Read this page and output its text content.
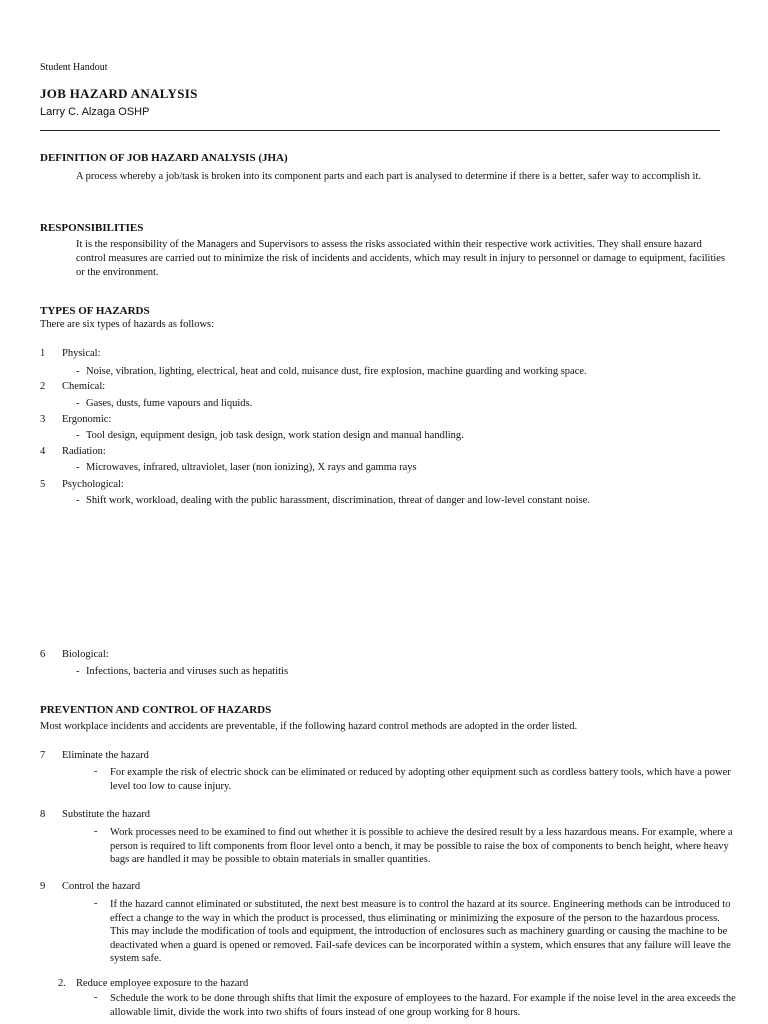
Student Handout
JOB HAZARD ANALYSIS
Larry C. Alzaga OSHP
DEFINITION OF JOB HAZARD ANALYSIS (JHA)
A process whereby a job/task is broken into its component parts and each part is analysed to determine if there is a better, safer way to accomplish it.
RESPONSIBILITIES
It is the responsibility of the Managers and Supervisors to assess the risks associated within their respective work activities. They shall ensure hazard control measures are carried out to minimize the risk of incidents and accidents, which may result in injury to personnel or damage to equipment, facilities or the environment.
TYPES OF HAZARDS
There are six types of hazards as follows:
1 Physical:
- Noise, vibration, lighting, electrical, heat and cold, nuisance dust, fire explosion, machine guarding and working space.
2 Chemical:
- Gases, dusts, fume vapours and liquids.
3 Ergonomic:
- Tool design, equipment design, job task design, work station design and manual handling.
4 Radiation:
- Microwaves, infrared, ultraviolet, laser (non ionizing), X rays and gamma rays
5 Psychological:
- Shift work, workload, dealing with the public harassment, discrimination, threat of danger and low-level constant noise.
6 Biological:
- Infections, bacteria and viruses such as hepatitis
PREVENTION AND CONTROL OF HAZARDS
Most workplace incidents and accidents are preventable, if the following hazard control methods are adopted in the order listed.
7 Eliminate the hazard
- For example the risk of electric shock can be eliminated or reduced by adopting other equipment such as cordless battery tools, which have a power level too low to cause injury.
8 Substitute the hazard
- Work processes need to be examined to find out whether it is possible to achieve the desired result by a less hazardous means. For example, where a person is required to lift components from floor level onto a bench, it may be possible to raise the box of components to bench height, where heavy bags are handled it may be possible to obtain materials in smaller quantities.
9 Control the hazard
- If the hazard cannot eliminated or substituted, the next best measure is to control the hazard at its source. Engineering methods can be introduced to effect a change to the way in which the product is processed, thus eliminating or minimizing the exposure of the person to the hazardous process. This may include the modification of tools and equipment, the introduction of enclosures such as machinery guarding or causing the machine to be deactivated when a guard is opened or removed. Fail-safe devices can be incorporated within a system, which ensures that any failure will leave the system safe.
2. Reduce employee exposure to the hazard
- Schedule the work to be done through shifts that limit the exposure of employees to the hazard. For example if the noise level in the area exceeds the allowable limit, divide the work into two shifts of fours instead of one group working for 8 hours.
